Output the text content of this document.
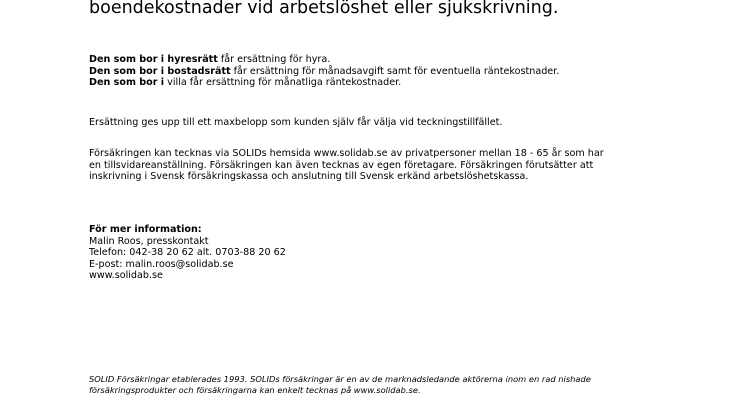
boendekostnader vid arbetslöshet eller sjukskrivning.

Den som bor i hyresrätt får ersättning för hyra.

Den som bor i bostadsrätt får ersättning för månadsavgift samt för eventuella räntekostnader.

Den som bor i villa får ersättning för månatliga räntekostnader.

Ersättning ges upp till ett maxbelopp som kunden själv får välja vid teckningstillfället.

Försäkringen kan tecknas via SOLIDs hemsida www.solidab.se av privatpersoner mellan 18 - 65 år som har

en tillsvidareanställning. Försäkringen kan även tecknas av egen företagare. Försäkringen förutsätter att

inskrivning i Svensk försäkringskassa och anslutning till Svensk erkänd arbetslöshetskassa.

För mer information:

Malin Roos, presskontakt

Telefon: 042-38 20 62 alt. 0703-88 20 62

E-post: malin.roos@solidab.se

www.solidab.se

SOLID Försäkringar etablerades 1993. SOLIDs försäkringar är en av de marknadsledande aktörerna inom en rad nishade

försäkringsprodukter och försäkringarna kan enkelt tecknas på www.solidab.se.
